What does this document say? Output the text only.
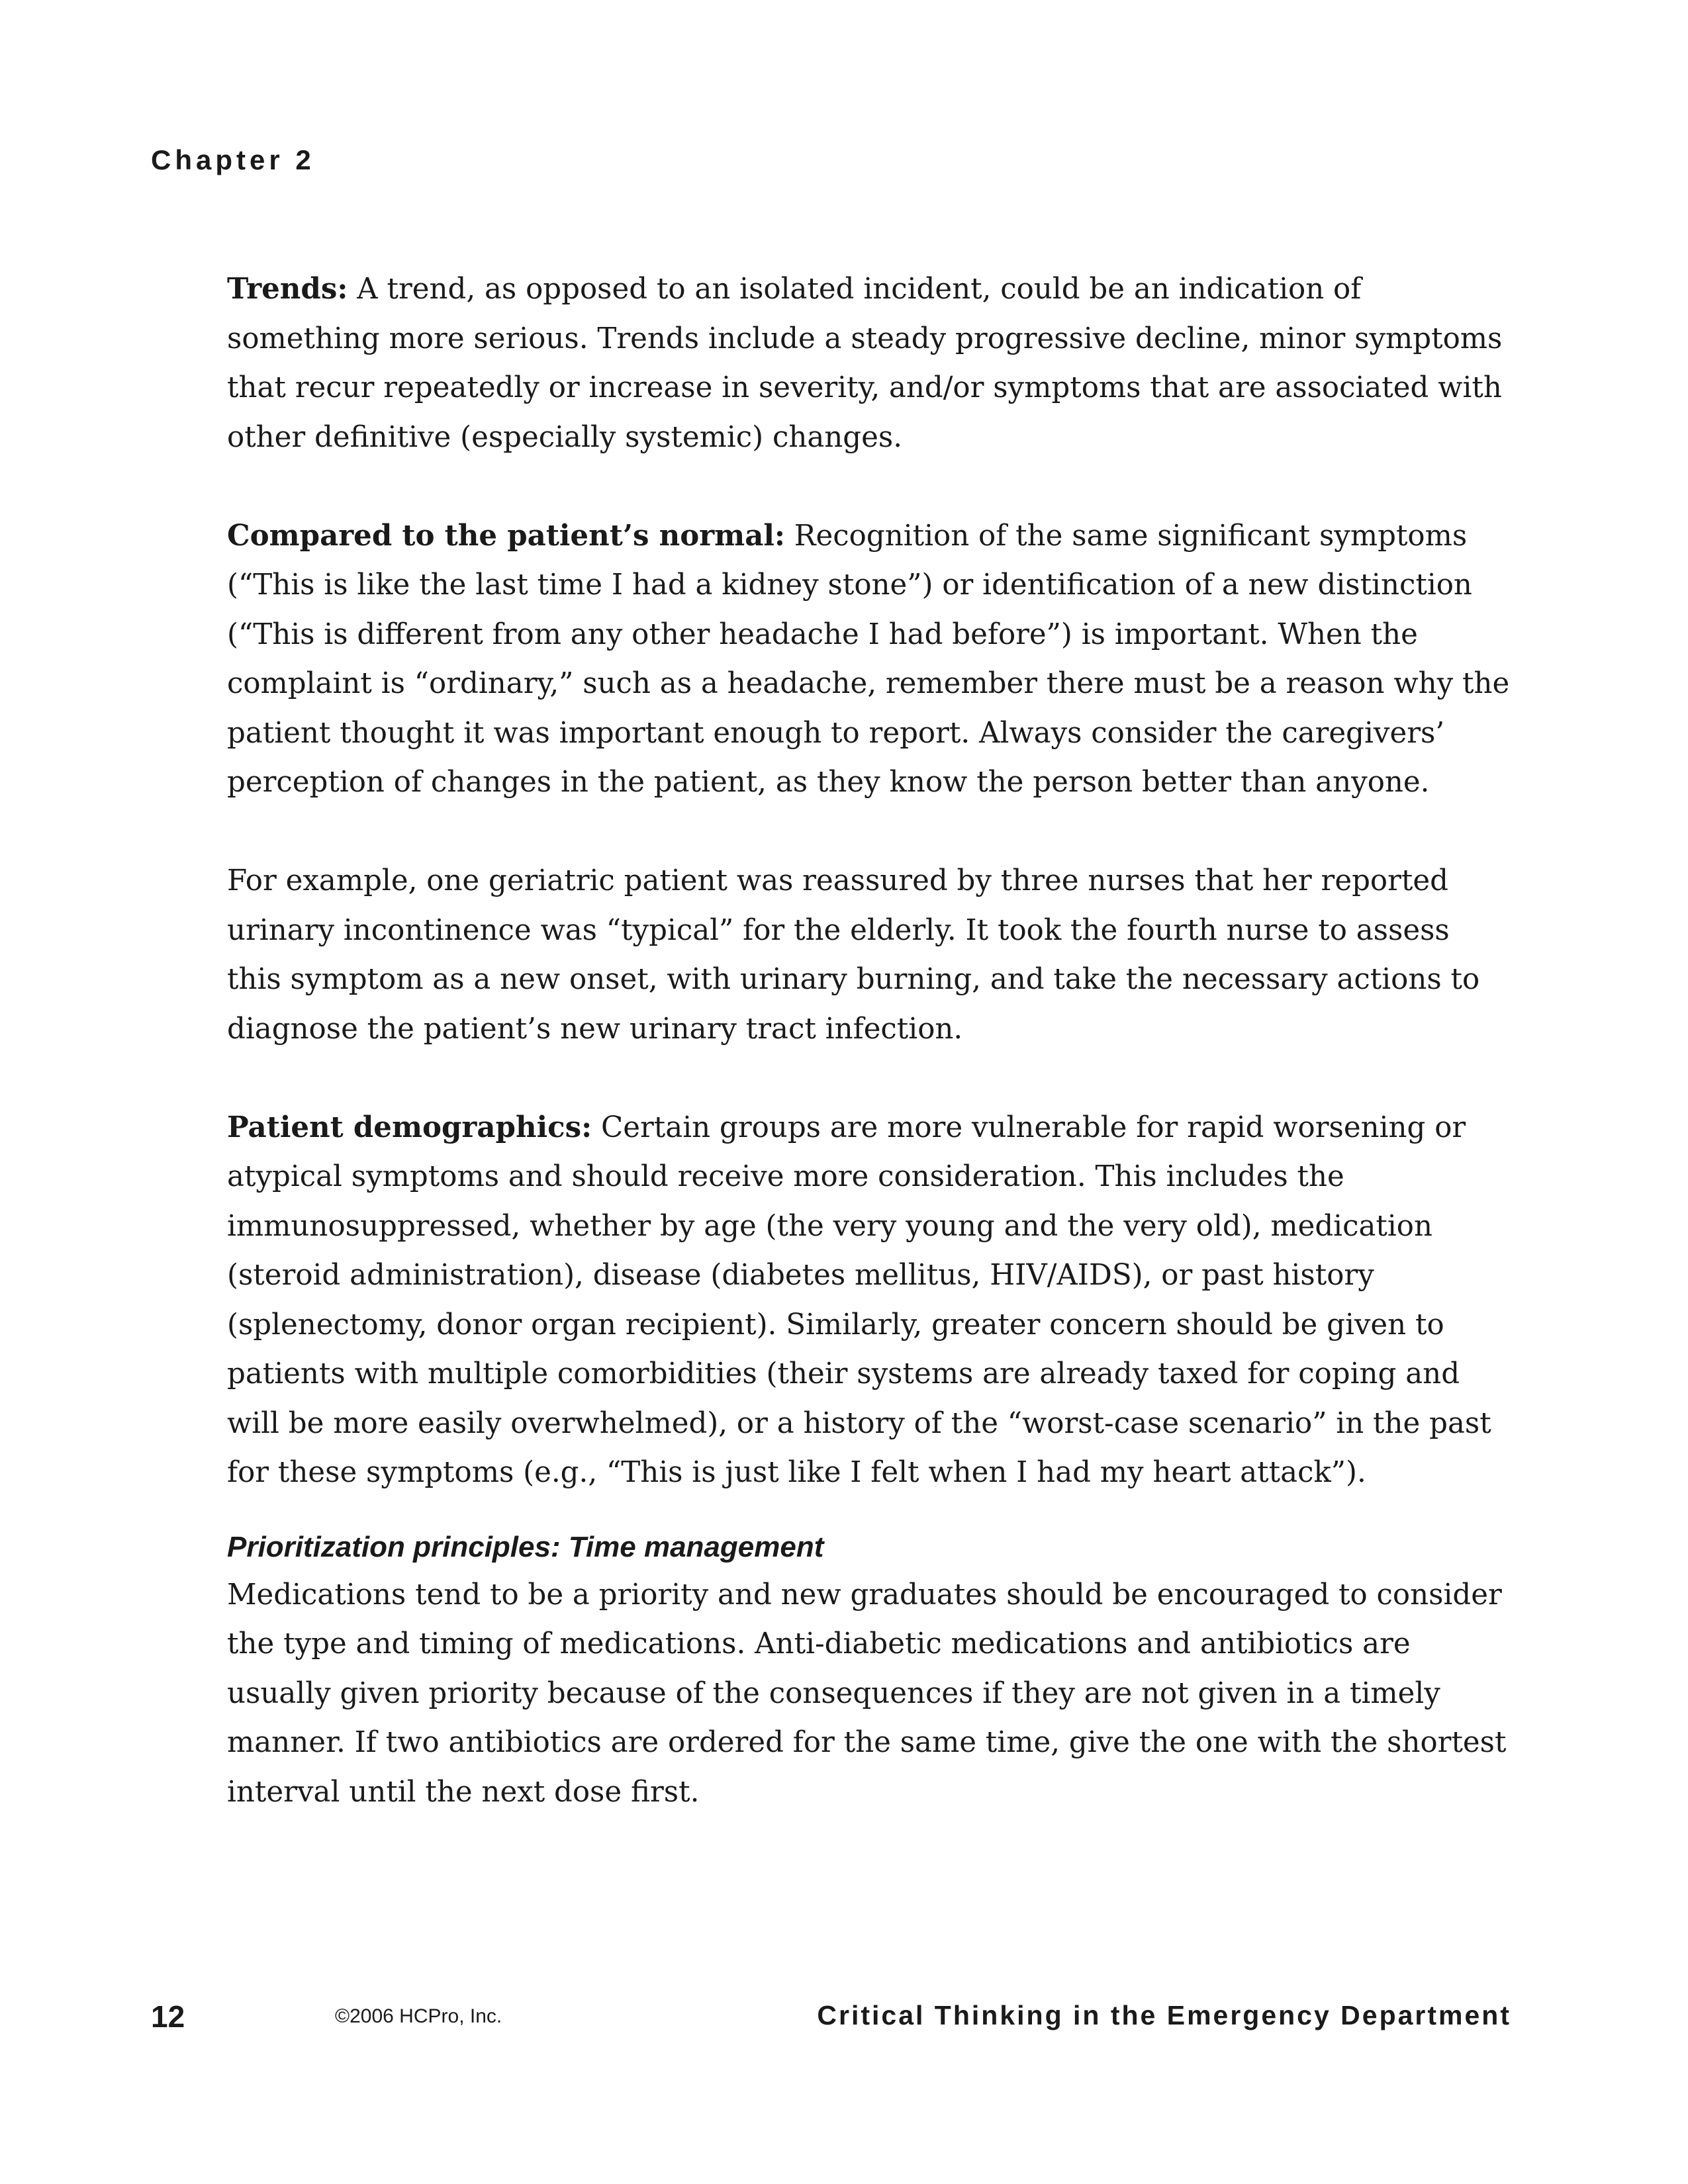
Chapter 2

Trends: A trend, as opposed to an isolated incident, could be an indication of something more serious. Trends include a steady progressive decline, minor symptoms that recur repeatedly or increase in severity, and/or symptoms that are associated with other definitive (especially systemic) changes.

Compared to the patient’s normal: Recognition of the same significant symptoms (“This is like the last time I had a kidney stone”) or identification of a new distinction (“This is different from any other headache I had before”) is important. When the complaint is “ordinary,” such as a headache, remember there must be a reason why the patient thought it was important enough to report. Always consider the caregivers’ perception of changes in the patient, as they know the person better than anyone.

For example, one geriatric patient was reassured by three nurses that her reported urinary incontinence was “typical” for the elderly. It took the fourth nurse to assess this symptom as a new onset, with urinary burning, and take the necessary actions to diagnose the patient’s new urinary tract infection.

Patient demographics: Certain groups are more vulnerable for rapid worsening or atypical symptoms and should receive more consideration. This includes the immunosuppressed, whether by age (the very young and the very old), medication (steroid administration), disease (diabetes mellitus, HIV/AIDS), or past history (splenectomy, donor organ recipient). Similarly, greater concern should be given to patients with multiple comorbidities (their systems are already taxed for coping and will be more easily overwhelmed), or a history of the “worst-case scenario” in the past for these symptoms (e.g., “This is just like I felt when I had my heart attack”).

Prioritization principles: Time management

Medications tend to be a priority and new graduates should be encouraged to consider the type and timing of medications. Anti-diabetic medications and antibiotics are usually given priority because of the consequences if they are not given in a timely manner. If two antibiotics are ordered for the same time, give the one with the shortest interval until the next dose first.

12	©2006 HCPro, Inc.	Critical Thinking in the Emergency Department
